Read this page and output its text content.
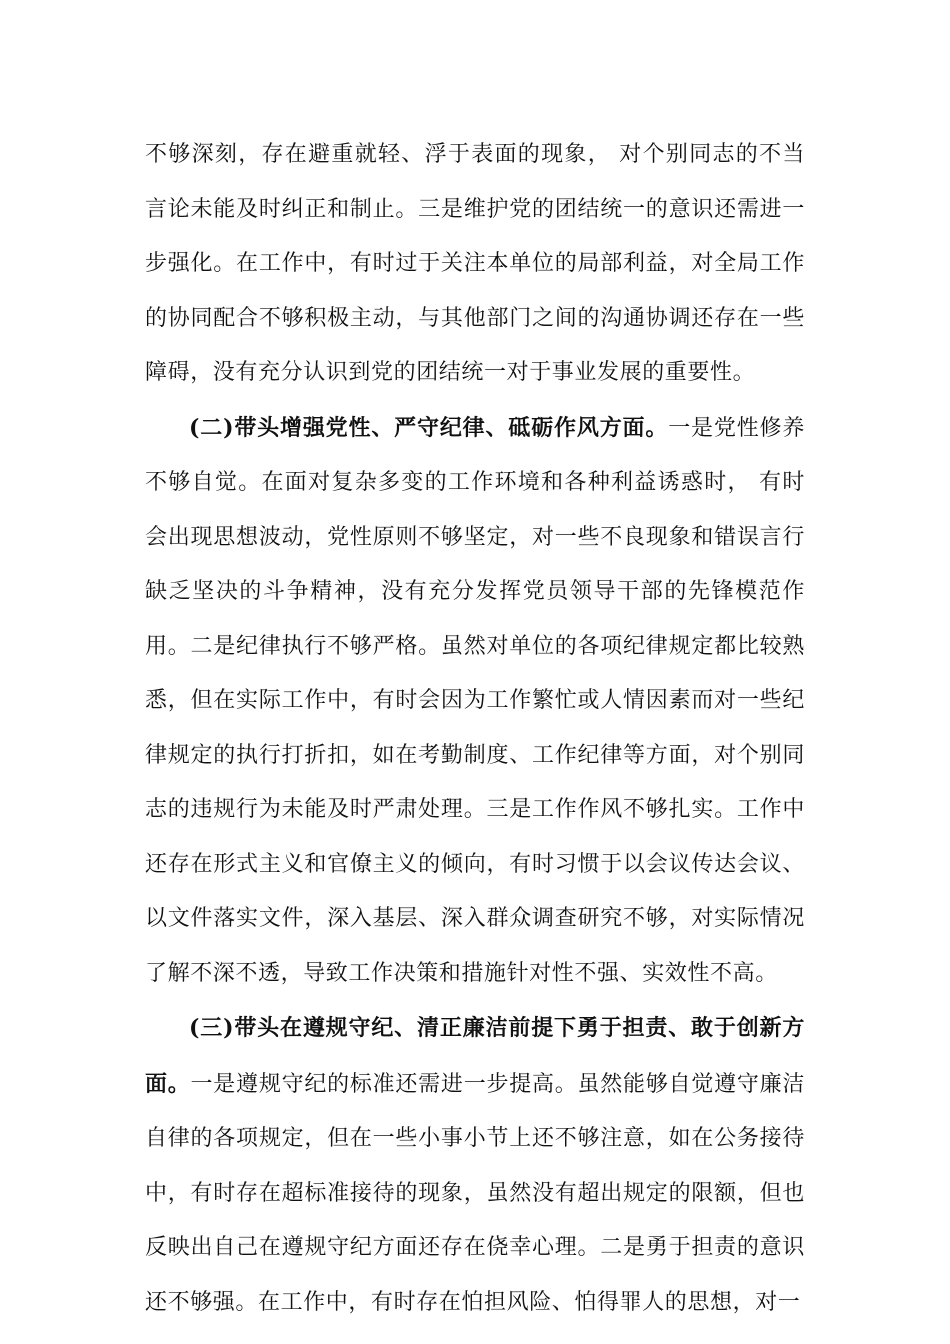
不够深刻，存在避重就轻、浮于表面的现象， 对个别同志的不当言论未能及时纠正和制止。三是维护党的团结统一的意识还需进一步强化。在工作中，有时过于关注本单位的局部利益，对全局工作的协同配合不够积极主动，与其他部门之间的沟通协调还存在一些障碍，没有充分认识到党的团结统一对于事业发展的重要性。

(二)带头增强党性、严守纪律、砥砺作风方面。一是党性修养不够自觉。在面对复杂多变的工作环境和各种利益诱惑时， 有时会出现思想波动，党性原则不够坚定，对一些不良现象和错误言行缺乏坚决的斗争精神，没有充分发挥党员领导干部的先锋模范作用。二是纪律执行不够严格。虽然对单位的各项纪律规定都比较熟悉，但在实际工作中，有时会因为工作繁忙或人情因素而对一些纪律规定的执行打折扣，如在考勤制度、工作纪律等方面，对个别同志的违规行为未能及时严肃处理。三是工作作风不够扎实。工作中还存在形式主义和官僚主义的倾向，有时习惯于以会议传达会议、以文件落实文件，深入基层、深入群众调查研究不够，对实际情况了解不深不透，导致工作决策和措施针对性不强、实效性不高。

(三)带头在遵规守纪、清正廉洁前提下勇于担责、敢于创新方面。一是遵规守纪的标准还需进一步提高。虽然能够自觉遵守廉洁自律的各项规定，但在一些小事小节上还不够注意，如在公务接待中，有时存在超标准接待的现象，虽然没有超出规定的限额，但也反映出自己在遵规守纪方面还存在侥幸心理。二是勇于担责的意识还不够强。在工作中，有时存在怕担风险、怕得罪人的思想，对一
